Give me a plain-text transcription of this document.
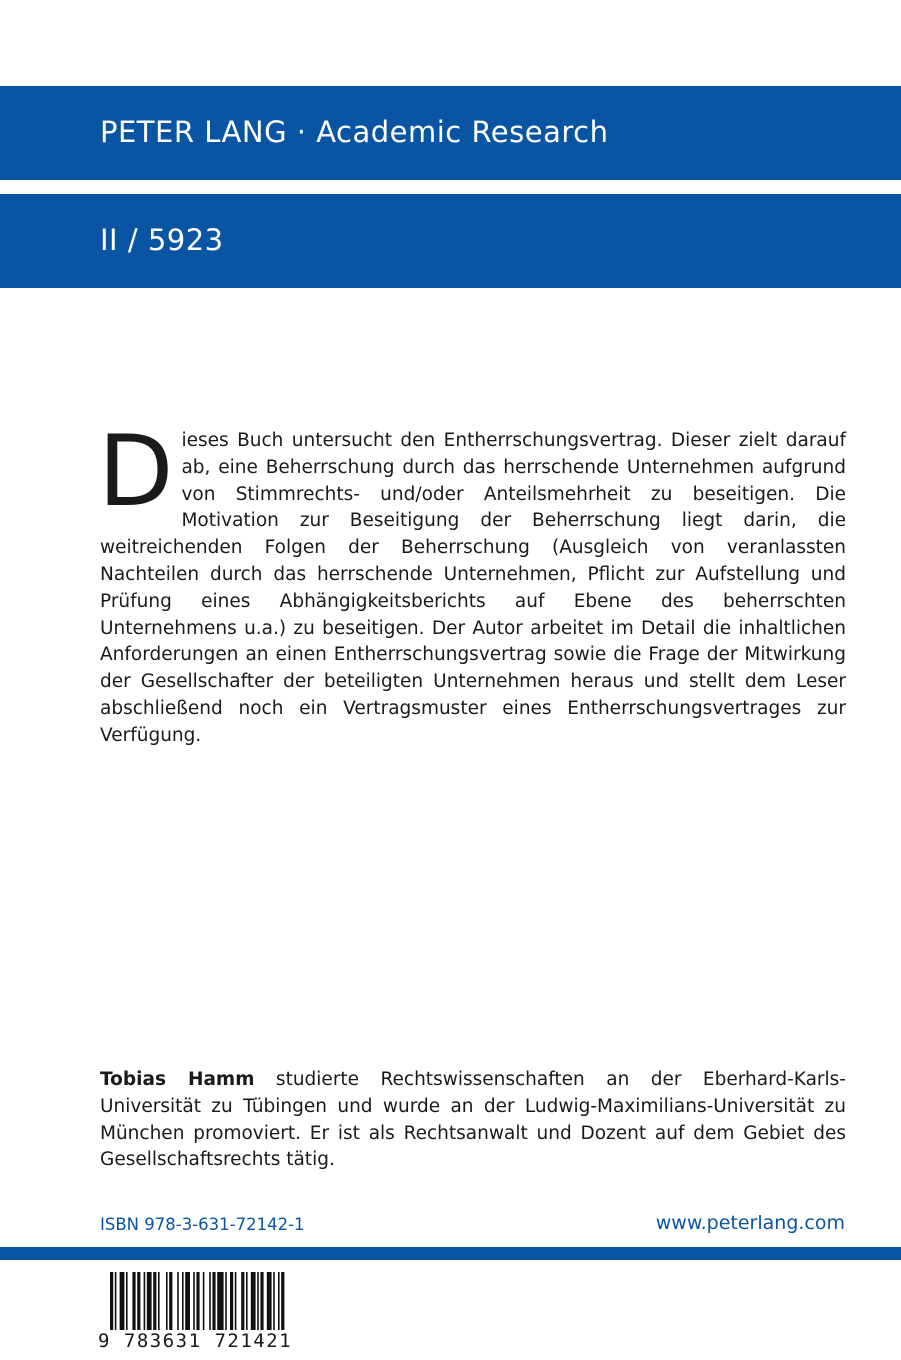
PETER LANG · Academic Research
II / 5923
Dieses Buch untersucht den Entherrschungsvertrag. Dieser zielt darauf ab, eine Beherrschung durch das herrschende Unternehmen aufgrund von Stimmrechts- und/oder Anteilsmehrheit zu beseitigen. Die Motivation zur Beseitigung der Beherrschung liegt darin, die weitreichenden Folgen der Beherrschung (Ausgleich von veranlassten Nachteilen durch das herrschende Unternehmen, Pflicht zur Aufstellung und Prüfung eines Abhängigkeitsberichts auf Ebene des beherrschten Unternehmens u.a.) zu beseitigen. Der Autor arbeitet im Detail die inhaltlichen Anforderungen an einen Entherrschungsvertrag sowie die Frage der Mitwirkung der Gesellschafter der beteiligten Unternehmen heraus und stellt dem Leser abschließend noch ein Vertragsmuster eines Entherrschungsvertrages zur Verfügung.
Tobias Hamm studierte Rechtswissenschaften an der Eberhard-Karls-Universität zu Tübingen und wurde an der Ludwig-Maximilians-Universität zu München promoviert. Er ist als Rechtsanwalt und Dozent auf dem Gebiet des Gesellschaftsrechts tätig.
ISBN 978-3-631-72142-1	www.peterlang.com
9 783631 721421
